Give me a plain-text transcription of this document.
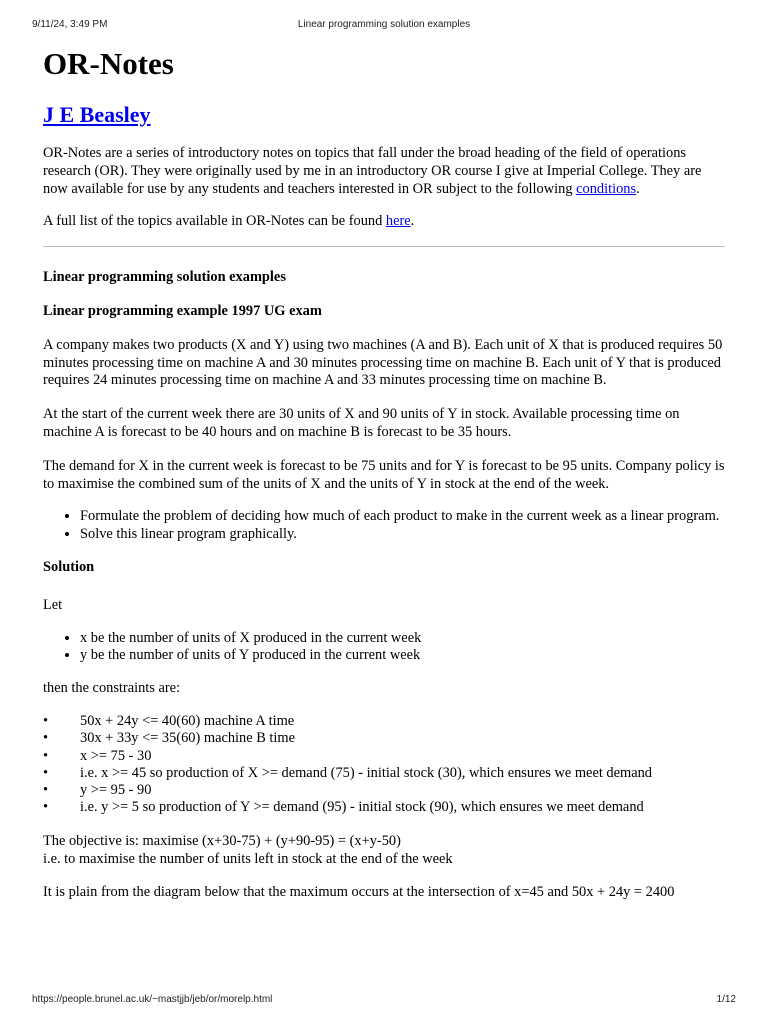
9/11/24, 3:49 PM	Linear programming solution examples
OR-Notes
J E Beasley

OR-Notes are a series of introductory notes on topics that fall under the broad heading of the field of operations research (OR). They were originally used by me in an introductory OR course I give at Imperial College. They are now available for use by any students and teachers interested in OR subject to the following conditions.

A full list of the topics available in OR-Notes can be found here.

Linear programming solution examples

Linear programming example 1997 UG exam

A company makes two products (X and Y) using two machines (A and B). Each unit of X that is produced requires 50 minutes processing time on machine A and 30 minutes processing time on machine B. Each unit of Y that is produced requires 24 minutes processing time on machine A and 33 minutes processing time on machine B.

At the start of the current week there are 30 units of X and 90 units of Y in stock. Available processing time on machine A is forecast to be 40 hours and on machine B is forecast to be 35 hours.

The demand for X in the current week is forecast to be 75 units and for Y is forecast to be 95 units. Company policy is to maximise the combined sum of the units of X and the units of Y in stock at the end of the week.

• Formulate the problem of deciding how much of each product to make in the current week as a linear program.
• Solve this linear program graphically.

Solution

Let

• x be the number of units of X produced in the current week
• y be the number of units of Y produced in the current week

then the constraints are:

• 50x + 24y <= 40(60) machine A time
• 30x + 33y <= 35(60) machine B time
• x >= 75 - 30
• i.e. x >= 45 so production of X >= demand (75) - initial stock (30), which ensures we meet demand
• y >= 95 - 90
• i.e. y >= 5 so production of Y >= demand (95) - initial stock (90), which ensures we meet demand

The objective is: maximise (x+30-75) + (y+90-95) = (x+y-50)

i.e. to maximise the number of units left in stock at the end of the week

It is plain from the diagram below that the maximum occurs at the intersection of x=45 and 50x + 24y = 2400

https://people.brunel.ac.uk/~mastjjb/jeb/or/morelp.html	1/12
